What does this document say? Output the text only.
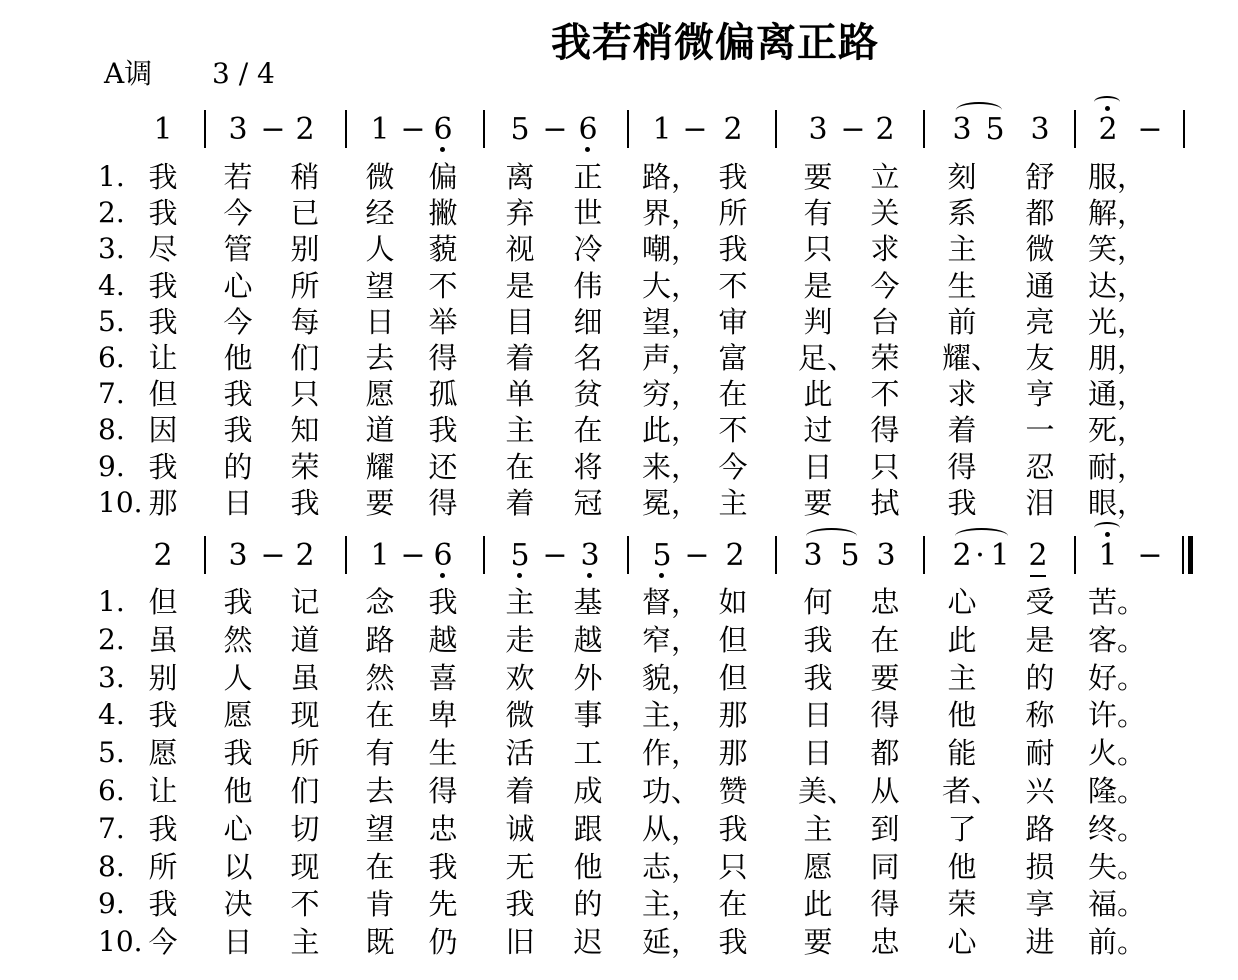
我若稍微偏离正路
A调 3 / 4
1	3 − 2	1 − 6	5 − 6	1 − 2	3 − 2	3 5 3	2 −
1. 我 若 稍 微 偏 离 正 路， 我 要 立 刻 舒 服，
2. 我 今 已 经 撇 弃 世 界， 所 有 关 系 都 解，
3. 尽 管 别 人 藐 视 冷 嘲， 我 只 求 主 微 笑，
4. 我 心 所 望 不 是 伟 大， 不 是 今 生 通 达，
5. 我 今 每 日 举 目 细 望， 审 判 台 前 亮 光，
6. 让 他 们 去 得 着 名 声， 富 足、 荣 耀、 友 朋，
7. 但 我 只 愿 孤 单 贫 穷， 在 此 不 求 亨 通，
8. 因 我 知 道 我 主 在 此， 不 过 得 着 一 死，
9. 我 的 荣 耀 还 在 将 来， 今 日 只 得 忍 耐，
10. 那 日 我 要 得 着 冠 冕， 主 要 拭 我 泪 眼，
2	3 − 2	1 − 6	5 − 3	5 − 2	3 5 3	2 · 1 2	1 −
1. 但 我 记 念 我 主 基 督， 如 何 忠 心 受 苦。
2. 虽 然 道 路 越 走 越 窄， 但 我 在 此 是 客。
3. 别 人 虽 然 喜 欢 外 貌， 但 我 要 主 的 好。
4. 我 愿 现 在 卑 微 事 主， 那 日 得 他 称 许。
5. 愿 我 所 有 生 活 工 作， 那 日 都 能 耐 火。
6. 让 他 们 去 得 着 成 功、 赞 美、 从 者、 兴 隆。
7. 我 心 切 望 忠 诚 跟 从， 我 主 到 了 路 终。
8. 所 以 现 在 我 无 他 志， 只 愿 同 他 损 失。
9. 我 决 不 肯 先 我 的 主， 在 此 得 荣 享 福。
10. 今 日 主 既 仍 旧 迟 延， 我 要 忠 心 进 前。
